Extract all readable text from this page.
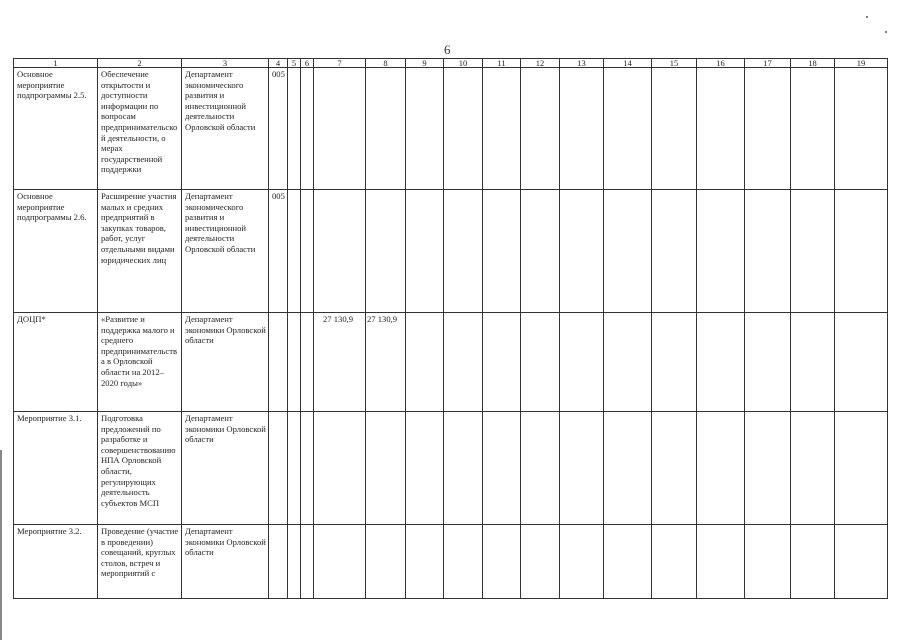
6
1	2	3	4	5	6	7	8	9	10	11	12	13	14	15	16	17	18	19
Основное мероприятие подпрограммы 2.5.	Обеспечение открытости и доступности информации по вопросам предпринимательской деятельности, о мерах государственной поддержки	Департамент экономического развития и инвестиционной деятельности Орловской области	005															
Основное мероприятие подпрограммы 2.6.	Расширение участия малых и средних предприятий в закупках товаров, работ, услуг отдельными видами юридических лиц	Департамент экономического развития и инвестиционной деятельности Орловской области	005															
ДОЦП*	«Развитие и поддержка малого и среднего предпринимательства в Орловской области на 2012–2020 годы»	Департамент экономики Орловской области				27 130,9	27 130,9											
Мероприятие 3.1.	Подготовка предложений по разработке и совершенствованию НПА Орловской области, регулирующих деятельность субъектов МСП	Департамент экономики Орловской области																
Мероприятие 3.2.	Проведение (участие в проведении) совещаний, круглых столов, встреч и мероприятий с	Департамент экономики Орловской области																
